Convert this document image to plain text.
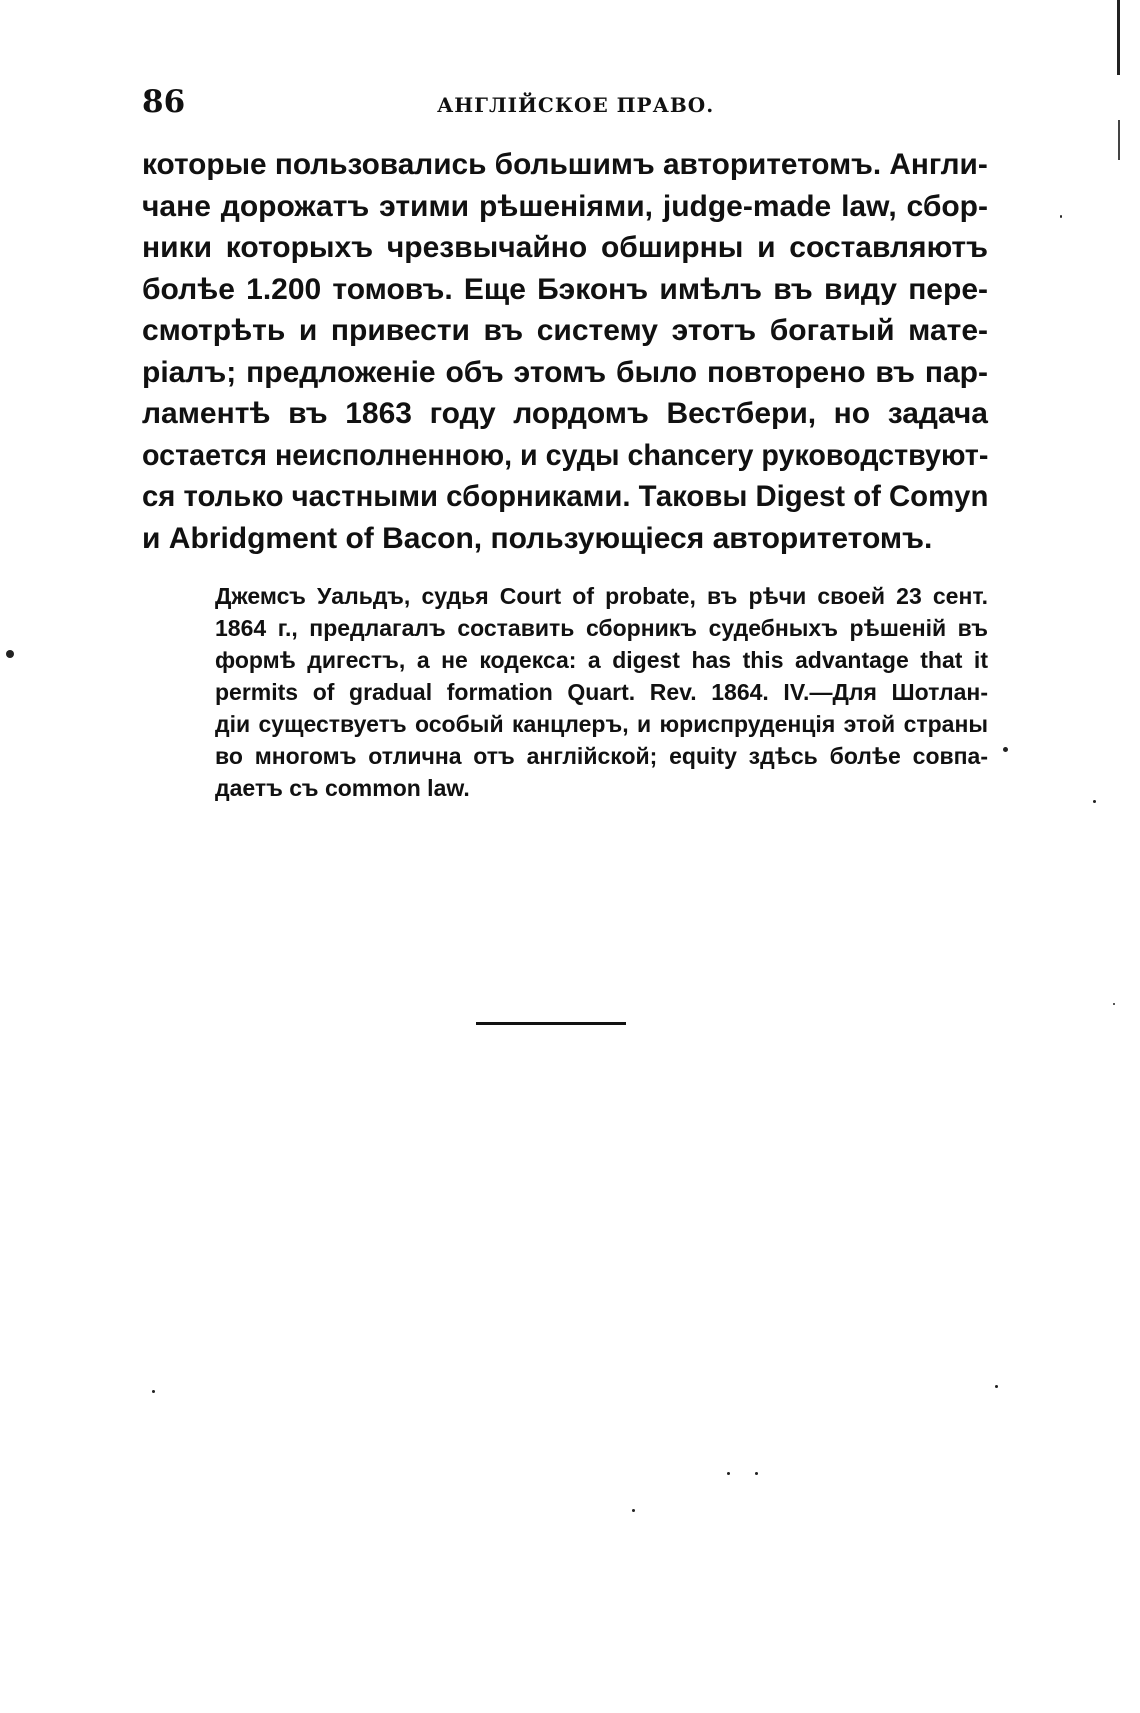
86	АНГЛІЙСКОЕ ПРАВО.
которые пользовались большимъ авторитетомъ. Англи-
чане дорожатъ этими рѣшеніями, judge-made law, сбор-
ники которыхъ чрезвычайно обширны и составляютъ
болѣе 1.200 томовъ. Еще Бэконъ имѣлъ въ виду пере-
смотрѣть и привести въ систему этотъ богатый мате-
ріалъ; предложеніе объ этомъ было повторено въ пар-
ламентѣ въ 1863 году лордомъ Вестбери, но задача
остается неисполненною, и суды chancery руководствуют-
ся только частными сборниками. Таковы Digest of Comyn
и Abridgment of Bacon, пользующіеся авторитетомъ.
Джемсъ Уальдъ, судья Court of probate, въ рѣчи своей 23 сент.
1864 г., предлагалъ составить сборникъ судебныхъ рѣшеній въ
формѣ дигестъ, а не кодекса: a digest has this advantage that it
permits of gradual formation Quart. Rev. 1864. IV.—Для Шотлан-
діи существуетъ особый канцлеръ, и юриспруденція этой страны
во многомъ отлична отъ англійской; equity здѣсь болѣе совпа-
даетъ съ common law.
